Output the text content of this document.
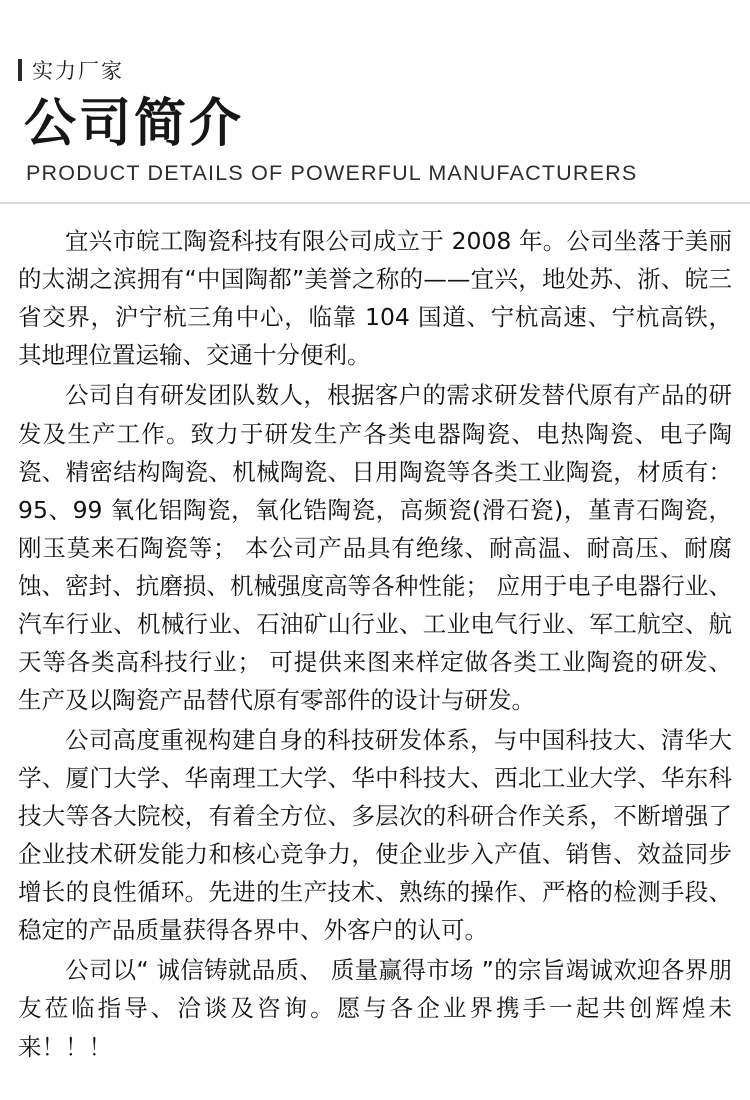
实力厂家
公司简介
PRODUCT DETAILS OF POWERFUL MANUFACTURERS

宜兴市皖工陶瓷科技有限公司成立于 2008 年。公司坐落于美丽的太湖之滨拥有“中国陶都”美誉之称的——宜兴，地处苏、浙、皖三省交界，沪宁杭三角中心，临靠 104 国道、宁杭高速、宁杭高铁，其地理位置运输、交通十分便利。

公司自有研发团队数人，根据客户的需求研发替代原有产品的研发及生产工作。致力于研发生产各类电器陶瓷、电热陶瓷、电子陶瓷、精密结构陶瓷、机械陶瓷、日用陶瓷等各类工业陶瓷，材质有：95、99 氧化铝陶瓷，氧化锆陶瓷，高频瓷(滑石瓷)，堇青石陶瓷，刚玉莫来石陶瓷等； 本公司产品具有绝缘、耐高温、耐高压、耐腐蚀、密封、抗磨损、机械强度高等各种性能； 应用于电子电器行业、汽车行业、机械行业、石油矿山行业、工业电气行业、军工航空、航天等各类高科技行业； 可提供来图来样定做各类工业陶瓷的研发、 生产及以陶瓷产品替代原有零部件的设计与研发。

公司高度重视构建自身的科技研发体系，与中国科技大、清华大学、厦门大学、华南理工大学、华中科技大、西北工业大学、华东科技大等各大院校，有着全方位、多层次的科研合作关系，不断增强了企业技术研发能力和核心竞争力，使企业步入产值、销售、效益同步增长的良性循环。先进的生产技术、熟练的操作、严格的检测手段、稳定的产品质量获得各界中、外客户的认可。

公司以“ 诚信铸就品质、 质量赢得市场 ”的宗旨竭诚欢迎各界朋友莅临指导、洽谈及咨询。愿与各企业界携手一起共创辉煌未来！！！
